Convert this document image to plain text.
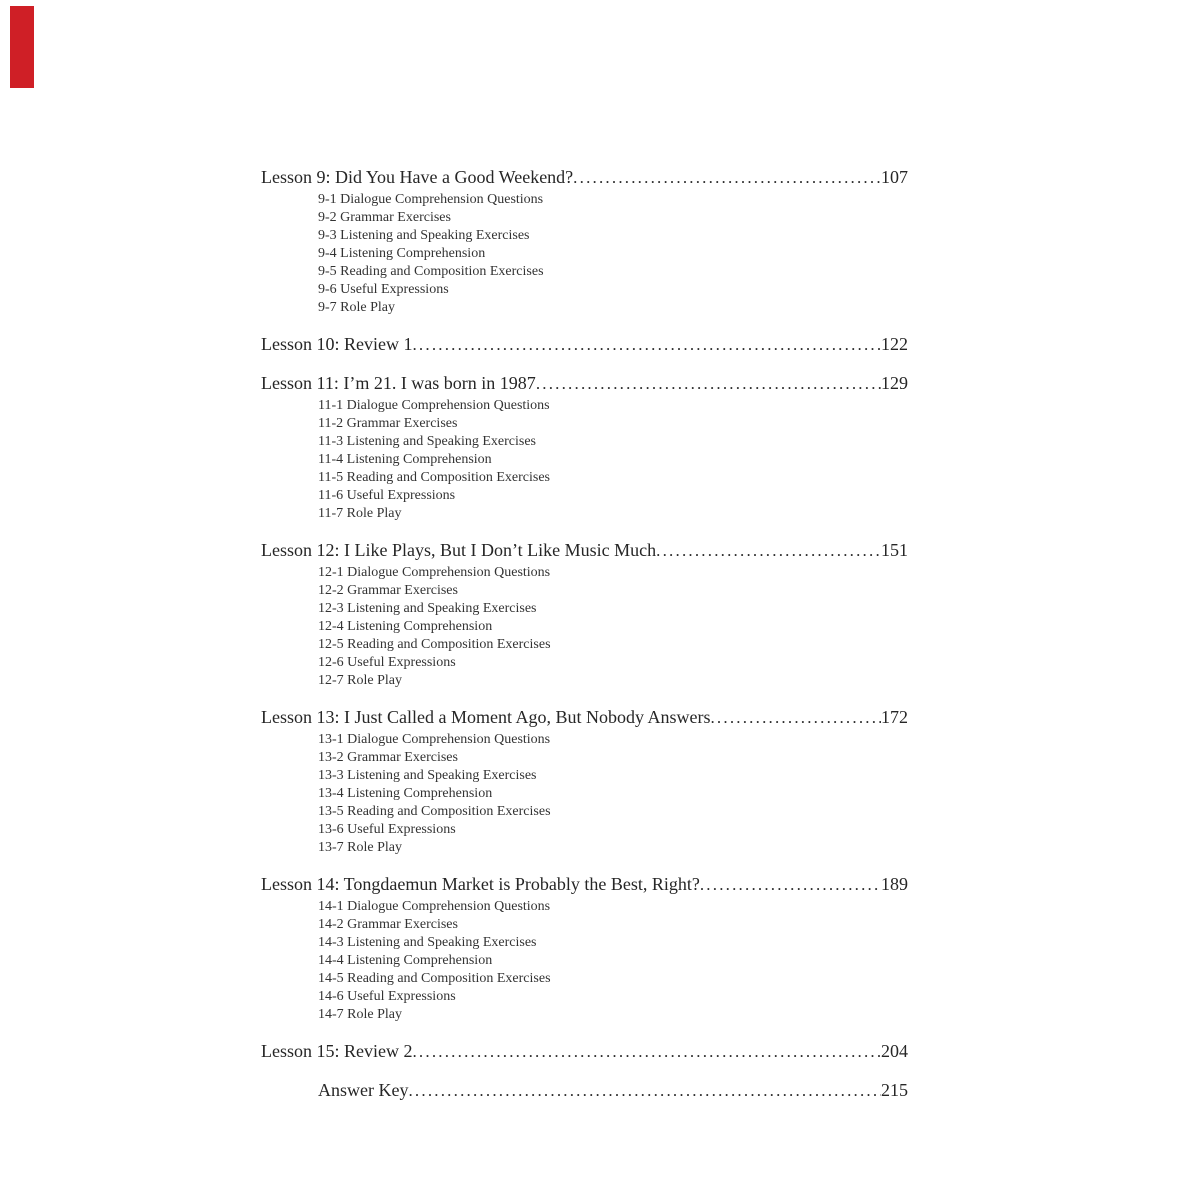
Lesson 9: Did You Have a Good Weekend? .....	107
9-1 Dialogue Comprehension Questions
9-2 Grammar Exercises
9-3 Listening and Speaking Exercises
9-4 Listening Comprehension
9-5 Reading and Composition Exercises
9-6 Useful Expressions
9-7 Role Play
Lesson 10: Review 1 .....	122
Lesson 11: I’m 21. I was born in 1987 .....	129
11-1 Dialogue Comprehension Questions
11-2 Grammar Exercises
11-3 Listening and Speaking Exercises
11-4 Listening Comprehension
11-5 Reading and Composition Exercises
11-6 Useful Expressions
11-7 Role Play
Lesson 12: I Like Plays, But I Don’t Like Music Much .....	151
12-1 Dialogue Comprehension Questions
12-2 Grammar Exercises
12-3 Listening and Speaking Exercises
12-4 Listening Comprehension
12-5 Reading and Composition Exercises
12-6 Useful Expressions
12-7 Role Play
Lesson 13: I Just Called a Moment Ago, But Nobody Answers .....	172
13-1 Dialogue Comprehension Questions
13-2 Grammar Exercises
13-3 Listening and Speaking Exercises
13-4 Listening Comprehension
13-5 Reading and Composition Exercises
13-6 Useful Expressions
13-7 Role Play
Lesson 14: Tongdaemun Market is Probably the Best, Right? .....	189
14-1 Dialogue Comprehension Questions
14-2 Grammar Exercises
14-3 Listening and Speaking Exercises
14-4 Listening Comprehension
14-5 Reading and Composition Exercises
14-6 Useful Expressions
14-7 Role Play
Lesson 15: Review 2 .....	204
Answer Key .....	215
